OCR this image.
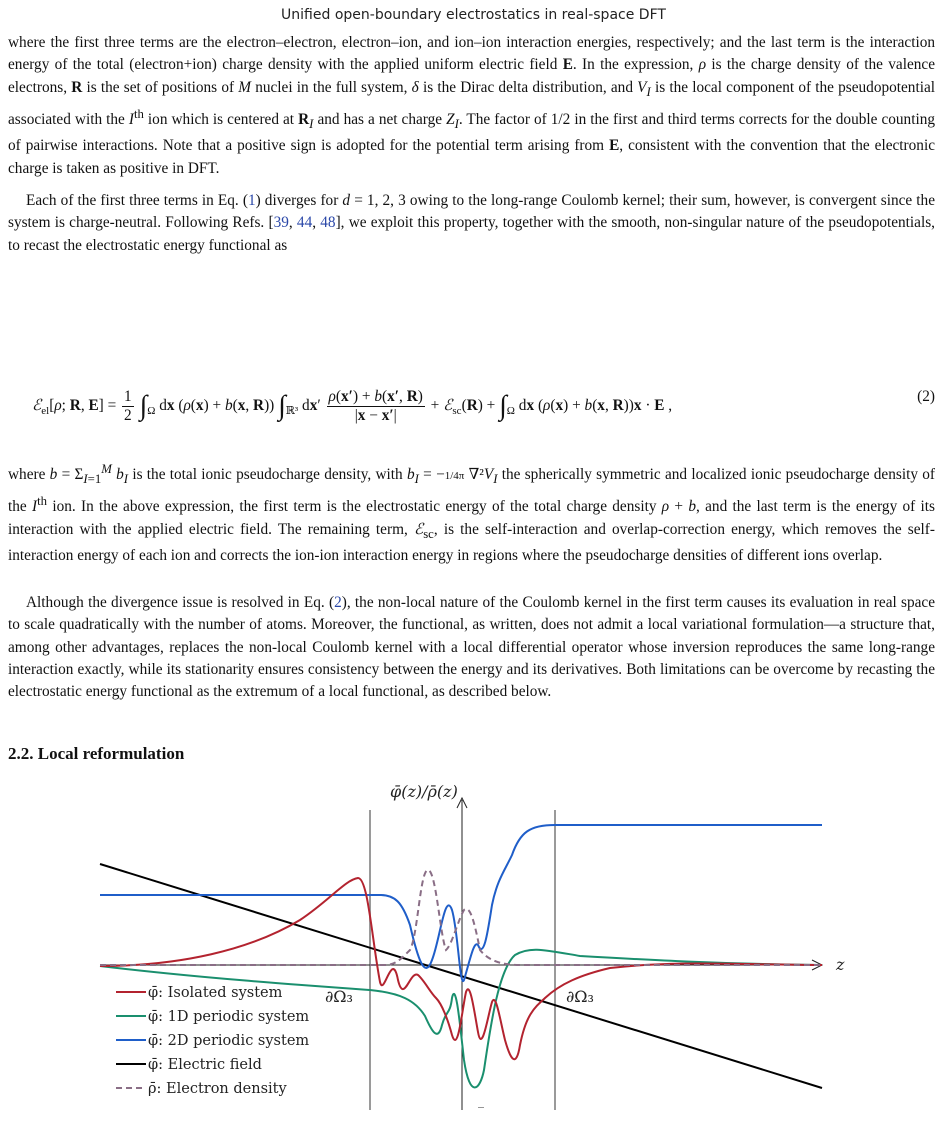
Unified open-boundary electrostatics in real-space DFT

where the first three terms are the electron–electron, electron–ion, and ion–ion interaction energies, respectively; and the last term is the interaction energy of the total (electron+ion) charge density with the applied uniform electric field E. In the expression, ρ is the charge density of the valence electrons, R is the set of positions of M nuclei in the full system, δ is the Dirac delta distribution, and $V_I$ is the local component of the pseudopotential associated with the Ith ion which is centered at $R_I$ and has a net charge $Z_I$. The factor of 1/2 in the first and third terms corrects for the double counting of pairwise interactions. Note that a positive sign is adopted for the potential term arising from E, consistent with the convention that the electronic charge is taken as positive in DFT.

Each of the first three terms in Eq. (1) diverges for d = 1, 2, 3 owing to the long-range Coulomb kernel; their sum, however, is convergent since the system is charge-neutral. Following Refs. [39, 44, 48], we exploit this property, together with the smooth, non-singular nature of the pseudopotentials, to recast the electrostatic energy functional as

ℰ$_{el}$[ρ; R, $E] = \frac{1}{2} \int_\Omega$ dx (ρ(x) + b(x, R)) $\int_{ℝ^3}$ $dx' \frac{\rho(x') + b(x', R)}{|x - x'|}$ + ℰ$_{sc}$(R) + $\int_\Omega$ dx (ρ(x) + b(x, R))x · E ,
(2)

where $b = \Sigma_{I=1}^M$ $b_I$ is the total ionic pseudocharge density, with $b_I = -1/4\pi$ $\nabla^2V_I$ the spherically symmetric and localized ionic pseudocharge density of the Ith ion. In the above expression, the first term is the electrostatic energy of the total charge density ρ + b, and the last term is the energy of its interaction with the applied electric field. The remaining term, ℰ$_{sc}$, is the self-interaction and overlap-correction energy, which removes the self-interaction energy of each ion and corrects the ion-ion interaction energy in regions where the pseudocharge densities of different ions overlap.

Although the divergence issue is resolved in Eq. (2), the non-local nature of the Coulomb kernel in the first term causes its evaluation in real space to scale quadratically with the number of atoms. Moreover, the functional, as written, does not admit a local variational formulation—a structure that, among other advantages, replaces the non-local Coulomb kernel with a local differential operator whose inversion reproduces the same long-range interaction exactly, while its stationarity ensures consistency between the energy and its derivatives. Both limitations can be overcome by recasting the electrostatic energy functional as the extremum of a local functional, as described below.

2.2. Local reformulation
φ̄(z)/ρ̄(z)
z
∂Ω₃	∂Ω₃
φ̄: Isolated system
φ̄: 1D periodic system
φ̄: 2D periodic system
φ̄: Electric field
ρ̄: Electron density
‾
